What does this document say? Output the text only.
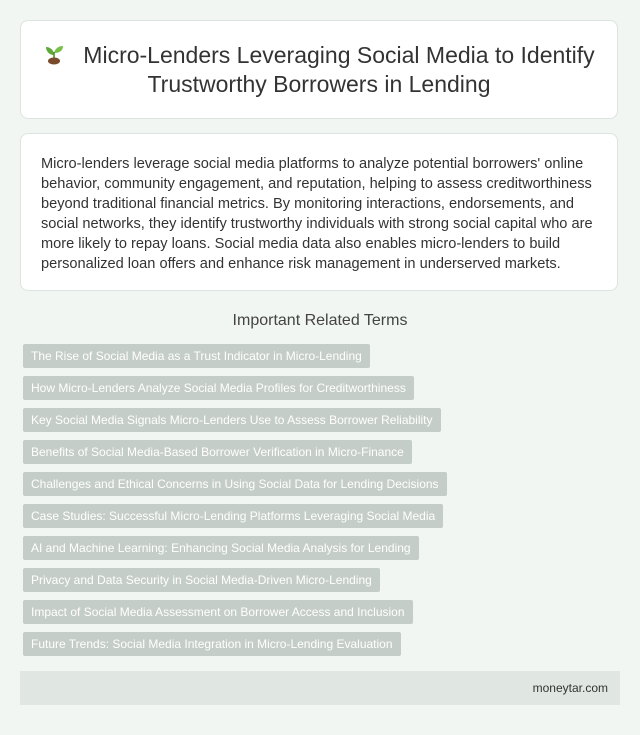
Micro-Lenders Leveraging Social Media to Identify Trustworthy Borrowers in Lending

Micro-lenders leverage social media platforms to analyze potential borrowers' online behavior, community engagement, and reputation, helping to assess creditworthiness beyond traditional financial metrics. By monitoring interactions, endorsements, and social networks, they identify trustworthy individuals with strong social capital who are more likely to repay loans. Social media data also enables micro-lenders to build personalized loan offers and enhance risk management in underserved markets.

Important Related Terms
The Rise of Social Media as a Trust Indicator in Micro-Lending
How Micro-Lenders Analyze Social Media Profiles for Creditworthiness
Key Social Media Signals Micro-Lenders Use to Assess Borrower Reliability
Benefits of Social Media-Based Borrower Verification in Micro-Finance
Challenges and Ethical Concerns in Using Social Data for Lending Decisions
Case Studies: Successful Micro-Lending Platforms Leveraging Social Media
AI and Machine Learning: Enhancing Social Media Analysis for Lending
Privacy and Data Security in Social Media-Driven Micro-Lending
Impact of Social Media Assessment on Borrower Access and Inclusion
Future Trends: Social Media Integration in Micro-Lending Evaluation
moneytar.com
